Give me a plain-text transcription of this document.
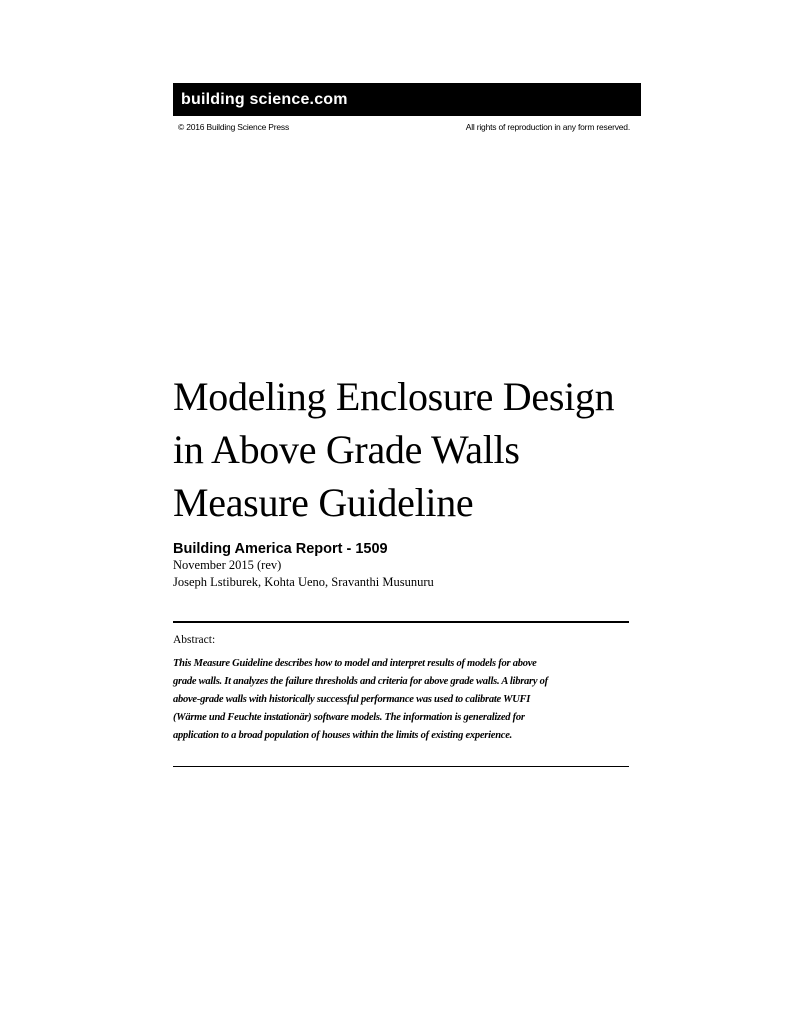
building science.com
© 2016 Building Science Press	All rights of reproduction in any form reserved.
Modeling Enclosure Design
in Above Grade Walls
Measure Guideline
Building America Report - 1509
November 2015 (rev)
Joseph Lstiburek, Kohta Ueno, Sravanthi Musunuru
Abstract:

This Measure Guideline describes how to model and interpret results of models for above
grade walls. It analyzes the failure thresholds and criteria for above grade walls. A library of
above-grade walls with historically successful performance was used to calibrate WUFI
(Wärme und Feuchte instationär) software models. The information is generalized for
application to a broad population of houses within the limits of existing experience.
